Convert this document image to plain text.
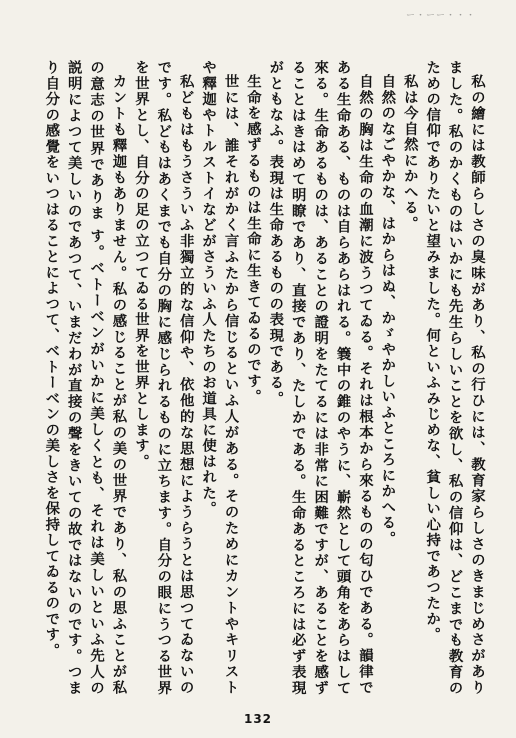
ー・ーー・・・

私の繪には教師らしさの臭味があり、私の行ひには、教育家らしさのきまじめさがありました。私のかくものはいかにも先生らしいことを欲し、私の信仰は、どこまでも教育のための信仰でありたいと望みました。何といふみじめな、貧しい心持であつたか。

私は今自然にかへる。

自然のなごやかな、はからはぬ、かゞやかしいふところにかへる。

自然の胸は生命の血潮に波うつてゐる。それは根本から來るものの匂ひである。韻律である生命ある、ものは自らあらはれる。簔中の錐のやうに、嶄然として頭角をあらはして來る。生命あるものは、あることの證明をたてるには非常に困難ですが、あることを感ずることはきはめて明瞭であり、直接であり、たしかである。生命あるところには必ず表現がともなふ。表現は生命あるものの表現である。

生命を感ずるものは生命に生きてゐるのです。

世には、誰それがかく言ふたから信じるといふ人がある。そのためにカントやキリストや釋迦やトルストイなどがさういふ人たちのお道具に使はれた。

私どもはもうさういふ非獨立的な信仰や、依他的な思想にようらうとは思つてゐないのです。私どもはあくまでも自分の胸に感じられるものに立ちます。自分の眼にうつる世界を世界とし、自分の足の立つてゐる世界を世界とします。

カントも釋迦もありません。私の感じることが私の美の世界であり、私の思ふことが私の意志の世界でありま す。ベトーベンがいかに美しくとも、それは美しいといふ先人の説明によつて美しいのであつて、いまだわが直接の聲をきいての故ではないのです。つまり自分の感覺をいつはることによつて、ベトーベンの美しさを保持してゐるのです。

132
